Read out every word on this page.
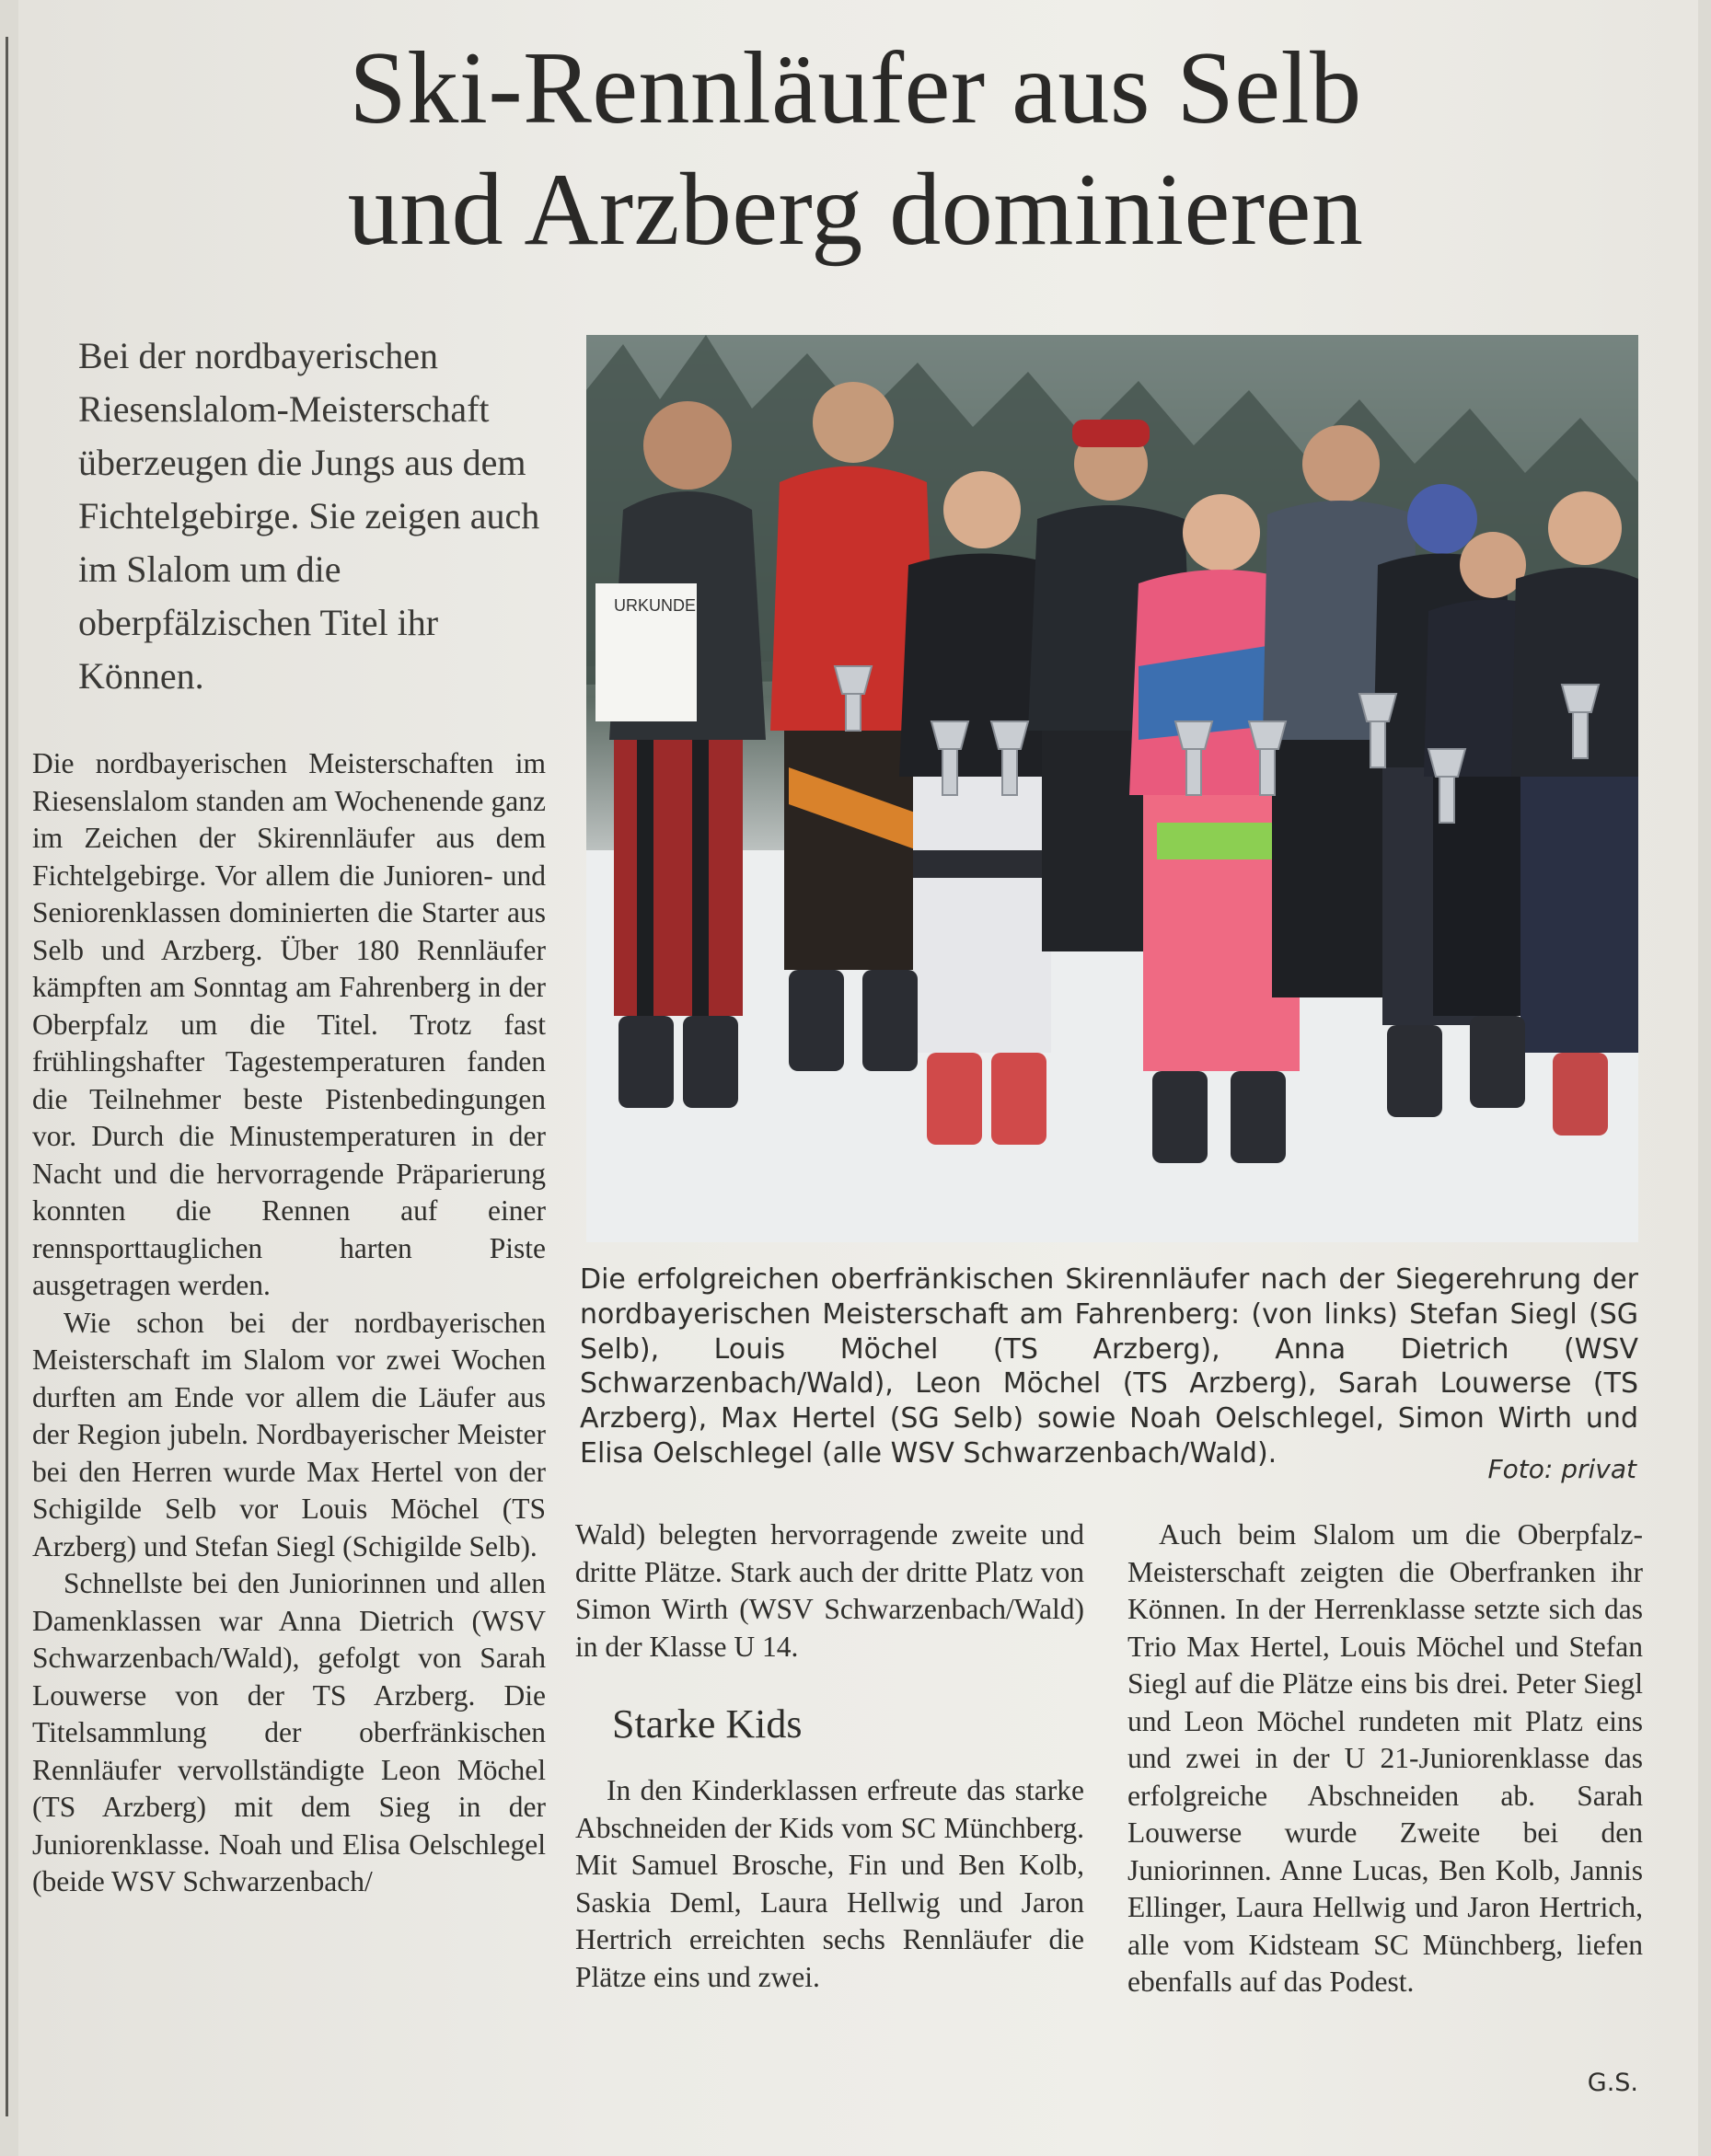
Ski-Rennläufer aus Selb
und Arzberg dominieren
Bei der nordbayerischen Riesenslalom-Meisterschaft überzeugen die Jungs aus dem Fichtelgebirge. Sie zeigen auch im Slalom um die oberpfälzischen Titel ihr Können.
URKUNDE
Die erfolgreichen oberfränkischen Skirennläufer nach der Siegerehrung der nordbayerischen Meisterschaft am Fahrenberg: (von links) Stefan Siegl (SG Selb), Louis Möchel (TS Arzberg), Anna Dietrich (WSV Schwarzenbach/Wald), Leon Möchel (TS Arzberg), Sarah Louwerse (TS Arzberg), Max Hertel (SG Selb) sowie Noah Oelschlegel, Simon Wirth und Elisa Oelschlegel (alle WSV Schwarzenbach/Wald).	Foto: privat

Die nordbayerischen Meisterschaften im Riesenslalom standen am Wochenende ganz im Zeichen der Skirennläufer aus dem Fichtelgebirge. Vor allem die Junioren- und Seniorenklassen dominierten die Starter aus Selb und Arzberg. Über 180 Rennläufer kämpften am Sonntag am Fahrenberg in der Oberpfalz um die Titel. Trotz fast frühlingshafter Tagestemperaturen fanden die Teilnehmer beste Pistenbedingungen vor. Durch die Minustemperaturen in der Nacht und die hervorragende Präparierung konnten die Rennen auf einer rennsporttauglichen harten Piste ausgetragen werden.

Wie schon bei der nordbayerischen Meisterschaft im Slalom vor zwei Wochen durften am Ende vor allem die Läufer aus der Region jubeln. Nordbayerischer Meister bei den Herren wurde Max Hertel von der Schigilde Selb vor Louis Möchel (TS Arzberg) und Stefan Siegl (Schigilde Selb).

Schnellste bei den Juniorinnen und allen Damenklassen war Anna Dietrich (WSV Schwarzenbach/Wald), gefolgt von Sarah Louwerse von der TS Arzberg. Die Titelsammlung der oberfränkischen Rennläufer vervollständigte Leon Möchel (TS Arzberg) mit dem Sieg in der Juniorenklasse. Noah und Elisa Oelschlegel (beide WSV Schwarzenbach/

Wald) belegten hervorragende zweite und dritte Plätze. Stark auch der dritte Platz von Simon Wirth (WSV Schwarzenbach/Wald) in der Klasse U 14.

Starke Kids

In den Kinderklassen erfreute das starke Abschneiden der Kids vom SC Münchberg. Mit Samuel Brosche, Fin und Ben Kolb, Saskia Deml, Laura Hellwig und Jaron Hertrich erreichten sechs Rennläufer die Plätze eins und zwei.

Auch beim Slalom um die Oberpfalz-Meisterschaft zeigten die Oberfranken ihr Können. In der Herrenklasse setzte sich das Trio Max Hertel, Louis Möchel und Stefan Siegl auf die Plätze eins bis drei. Peter Siegl und Leon Möchel rundeten mit Platz eins und zwei in der U 21-Juniorenklasse das erfolgreiche Abschneiden ab. Sarah Louwerse wurde Zweite bei den Juniorinnen. Anne Lucas, Ben Kolb, Jannis Ellinger, Laura Hellwig und Jaron Hertrich, alle vom Kidsteam SC Münchberg, liefen ebenfalls auf das Podest.

G.S.
